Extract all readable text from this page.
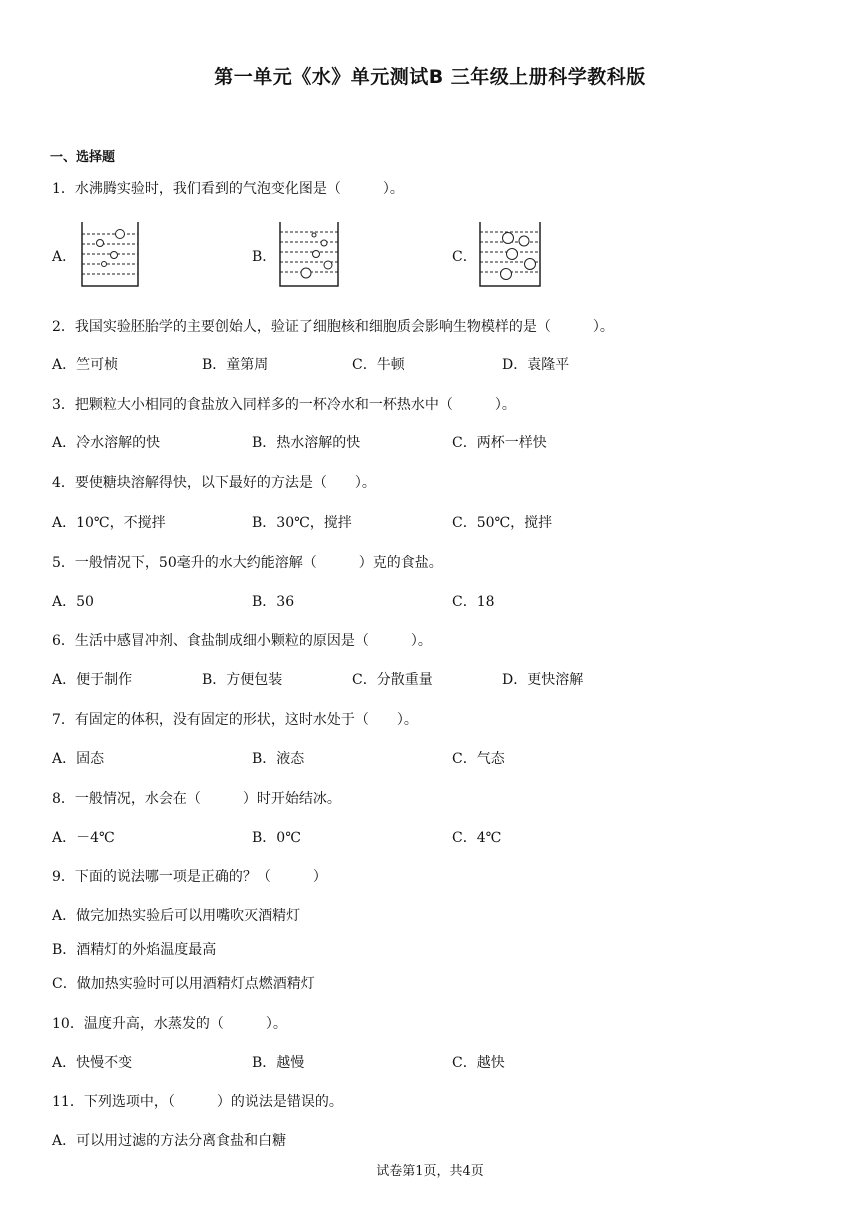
第一单元《水》单元测试B 三年级上册科学教科版
一、选择题
1．水沸腾实验时，我们看到的气泡变化图是（　　　）。
A．	B．	C．
2．我国实验胚胎学的主要创始人，验证了细胞核和细胞质会影响生物模样的是（　　　）。
A．竺可桢	B．童第周	C．牛顿	D．袁隆平
3．把颗粒大小相同的食盐放入同样多的一杯冷水和一杯热水中（　　　）。
A．冷水溶解的快	B．热水溶解的快	C．两杯一样快
4．要使糖块溶解得快，以下最好的方法是（　　）。
A．10℃，不搅拌	B．30℃，搅拌	C．50℃，搅拌
5．一般情况下，50毫升的水大约能溶解（　　　）克的食盐。
A．50	B．36	C．18
6．生活中感冒冲剂、食盐制成细小颗粒的原因是（　　　）。
A．便于制作	B．方便包装	C．分散重量	D．更快溶解
7．有固定的体积，没有固定的形状，这时水处于（　　）。
A．固态	B．液态	C．气态
8．一般情况，水会在（　　　）时开始结冰。
A．－4℃	B．0℃	C．4℃
9．下面的说法哪一项是正确的？（　　　）
A．做完加热实验后可以用嘴吹灭酒精灯
B．酒精灯的外焰温度最高
C．做加热实验时可以用酒精灯点燃酒精灯
10．温度升高，水蒸发的（　　　）。
A．快慢不变	B．越慢	C．越快
11．下列选项中，（　　　）的说法是错误的。
A．可以用过滤的方法分离食盐和白糖
试卷第1页，共4页
